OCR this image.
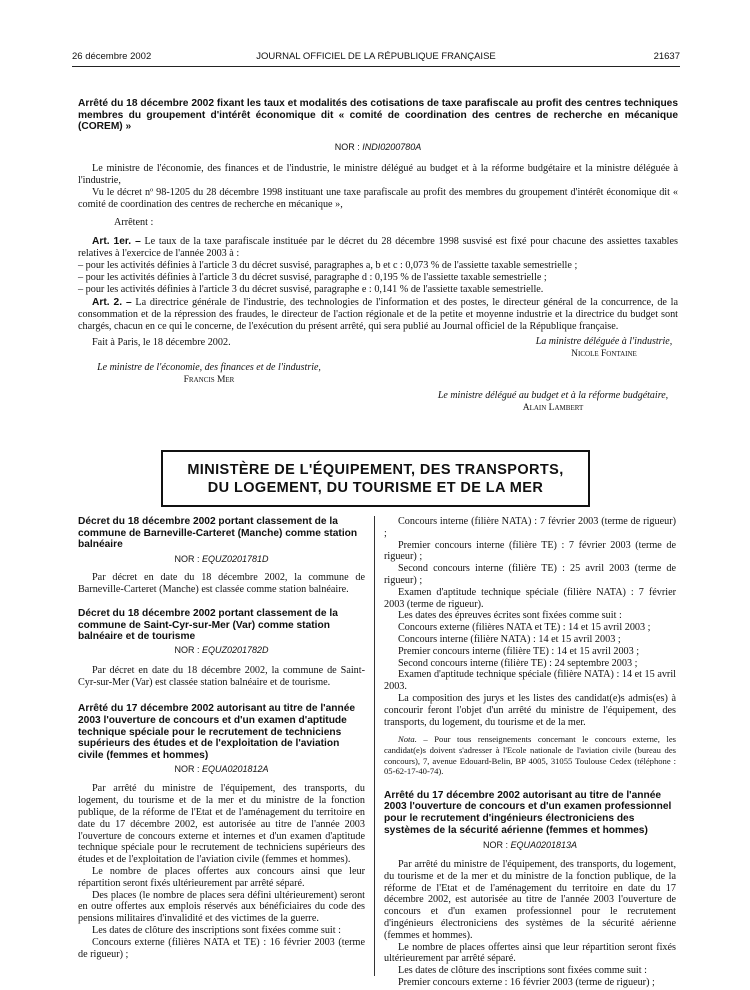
26 décembre 2002	JOURNAL OFFICIEL DE LA RÉPUBLIQUE FRANÇAISE	21637
Arrêté du 18 décembre 2002 fixant les taux et modalités des cotisations de taxe parafiscale au profit des centres techniques membres du groupement d'intérêt économique dit « comité de coordination des centres de recherche en mécanique (COREM) »

NOR : INDI0200780A

Le ministre de l'économie, des finances et de l'industrie, le ministre délégué au budget et à la réforme budgétaire et la ministre déléguée à l'industrie,

Vu le décret nº 98-1205 du 28 décembre 1998 instituant une taxe parafiscale au profit des membres du groupement d'intérêt économique dit « comité de coordination des centres de recherche en mécanique »,

Arrêtent :

Art. 1er. – Le taux de la taxe parafiscale instituée par le décret du 28 décembre 1998 susvisé est fixé pour chacune des assiettes taxables relatives à l'exercice de l'année 2003 à :

– pour les activités définies à l'article 3 du décret susvisé, paragraphes a, b et c : 0,073 % de l'assiette taxable semestrielle ;

– pour les activités définies à l'article 3 du décret susvisé, paragraphe d : 0,195 % de l'assiette taxable semestrielle ;

– pour les activités définies à l'article 3 du décret susvisé, paragraphe e : 0,141 % de l'assiette taxable semestrielle.

Art. 2. – La directrice générale de l'industrie, des technologies de l'information et des postes, le directeur général de la concurrence, de la consommation et de la répression des fraudes, le directeur de l'action régionale et de la petite et moyenne industrie et la directrice du budget sont chargés, chacun en ce qui le concerne, de l'exécution du présent arrêté, qui sera publié au Journal officiel de la République française.

Fait à Paris, le 18 décembre 2002.	La ministre déléguée à l'industrie,
Nicole Fontaine
Le ministre de l'économie, des finances et de l'industrie,
Francis Mer
Le ministre délégué au budget et à la réforme budgétaire,
Alain Lambert
MINISTÈRE DE L'ÉQUIPEMENT, DES TRANSPORTS,
DU LOGEMENT, DU TOURISME ET DE LA MER
Décret du 18 décembre 2002 portant classement de la commune de Barneville-Carteret (Manche) comme station balnéaire

NOR : EQUZ0201781D

Par décret en date du 18 décembre 2002, la commune de Barneville-Carteret (Manche) est classée comme station balnéaire.

Décret du 18 décembre 2002 portant classement de la commune de Saint-Cyr-sur-Mer (Var) comme station balnéaire et de tourisme

NOR : EQUZ0201782D

Par décret en date du 18 décembre 2002, la commune de Saint-Cyr-sur-Mer (Var) est classée station balnéaire et de tourisme.

Arrêté du 17 décembre 2002 autorisant au titre de l'année 2003 l'ouverture de concours et d'un examen d'aptitude technique spéciale pour le recrutement de techniciens supérieurs des études et de l'exploitation de l'aviation civile (femmes et hommes)

NOR : EQUA0201812A

Par arrêté du ministre de l'équipement, des transports, du logement, du tourisme et de la mer et du ministre de la fonction publique, de la réforme de l'Etat et de l'aménagement du territoire en date du 17 décembre 2002, est autorisée au titre de l'année 2003 l'ouverture de concours externe et internes et d'un examen d'aptitude technique spéciale pour le recrutement de techniciens supérieurs des études et de l'exploitation de l'aviation civile (femmes et hommes).

Le nombre de places offertes aux concours ainsi que leur répartition seront fixés ultérieurement par arrêté séparé.

Des places (le nombre de places sera défini ultérieurement) seront en outre offertes aux emplois réservés aux bénéficiaires du code des pensions militaires d'invalidité et des victimes de la guerre.

Les dates de clôture des inscriptions sont fixées comme suit :

Concours externe (filières NATA et TE) : 16 février 2003 (terme de rigueur) ;

Concours interne (filière NATA) : 7 février 2003 (terme de rigueur) ;

Premier concours interne (filière TE) : 7 février 2003 (terme de rigueur) ;

Second concours interne (filière TE) : 25 avril 2003 (terme de rigueur) ;

Examen d'aptitude technique spéciale (filière NATA) : 7 février 2003 (terme de rigueur).

Les dates des épreuves écrites sont fixées comme suit :

Concours externe (filières NATA et TE) : 14 et 15 avril 2003 ;

Concours interne (filière NATA) : 14 et 15 avril 2003 ;

Premier concours interne (filière TE) : 14 et 15 avril 2003 ;

Second concours interne (filière TE) : 24 septembre 2003 ;

Examen d'aptitude technique spéciale (filière NATA) : 14 et 15 avril 2003.

La composition des jurys et les listes des candidat(e)s admis(es) à concourir feront l'objet d'un arrêté du ministre de l'équipement, des transports, du logement, du tourisme et de la mer.

Nota. – Pour tous renseignements concernant le concours externe, les candidat(e)s doivent s'adresser à l'Ecole nationale de l'aviation civile (bureau des concours), 7, avenue Edouard-Belin, BP 4005, 31055 Toulouse Cedex (téléphone : 05-62-17-40-74).

Arrêté du 17 décembre 2002 autorisant au titre de l'année 2003 l'ouverture de concours et d'un examen professionnel pour le recrutement d'ingénieurs électroniciens des systèmes de la sécurité aérienne (femmes et hommes)

NOR : EQUA0201813A

Par arrêté du ministre de l'équipement, des transports, du logement, du tourisme et de la mer et du ministre de la fonction publique, de la réforme de l'Etat et de l'aménagement du territoire en date du 17 décembre 2002, est autorisée au titre de l'année 2003 l'ouverture de concours et d'un examen professionnel pour le recrutement d'ingénieurs électroniciens des systèmes de la sécurité aérienne (femmes et hommes).

Le nombre de places offertes ainsi que leur répartition seront fixés ultérieurement par arrêté séparé.

Les dates de clôture des inscriptions sont fixées comme suit :

Premier concours externe : 16 février 2003 (terme de rigueur) ;
